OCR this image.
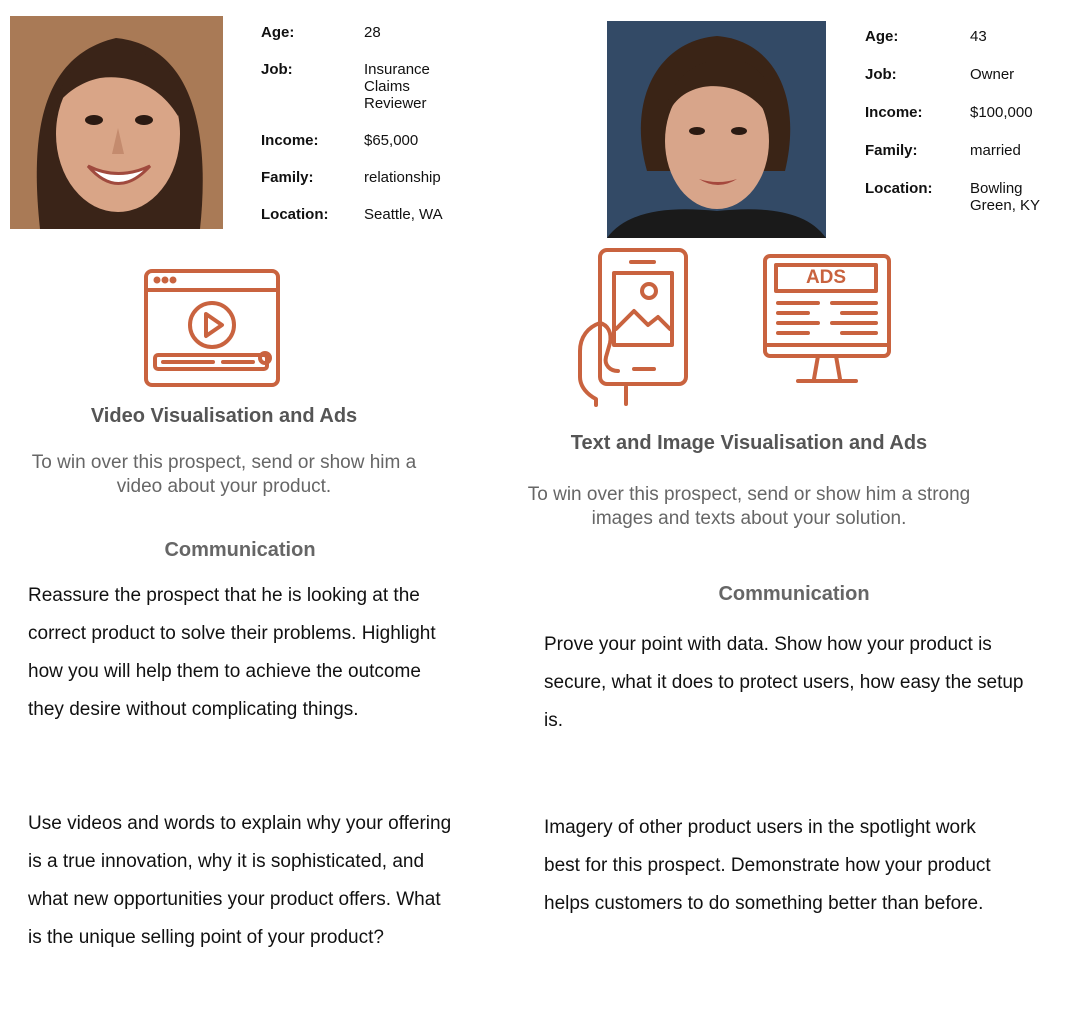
Age:	28
Job:	Insurance Claims Reviewer
Income:	$65,000
Family:	relationship
Location: Seattle, WA
Age:	43
Job:	Owner
Income:	$100,000
Family:	married
Location:	Bowling Green, KY
Video Visualisation and Ads
To win over this prospect, send or show him a video about your product.
Communication
Reassure the prospect that he is looking at the correct product to solve their problems. Highlight how you will help them to achieve the outcome they desire without complicating things.
Use videos and words to explain why your offering is a true innovation, why it is sophisticated, and what new opportunities your product offers. What is the unique selling point of your product?
ADS
Text and Image Visualisation and Ads
To win over this prospect, send or show him a strong images and texts about your solution.
Communication
Prove your point with data. Show how your product is secure, what it does to protect users, how easy the setup is.
Imagery of other product users in the spotlight work best for this prospect. Demonstrate how your product helps customers to do something better than before.
